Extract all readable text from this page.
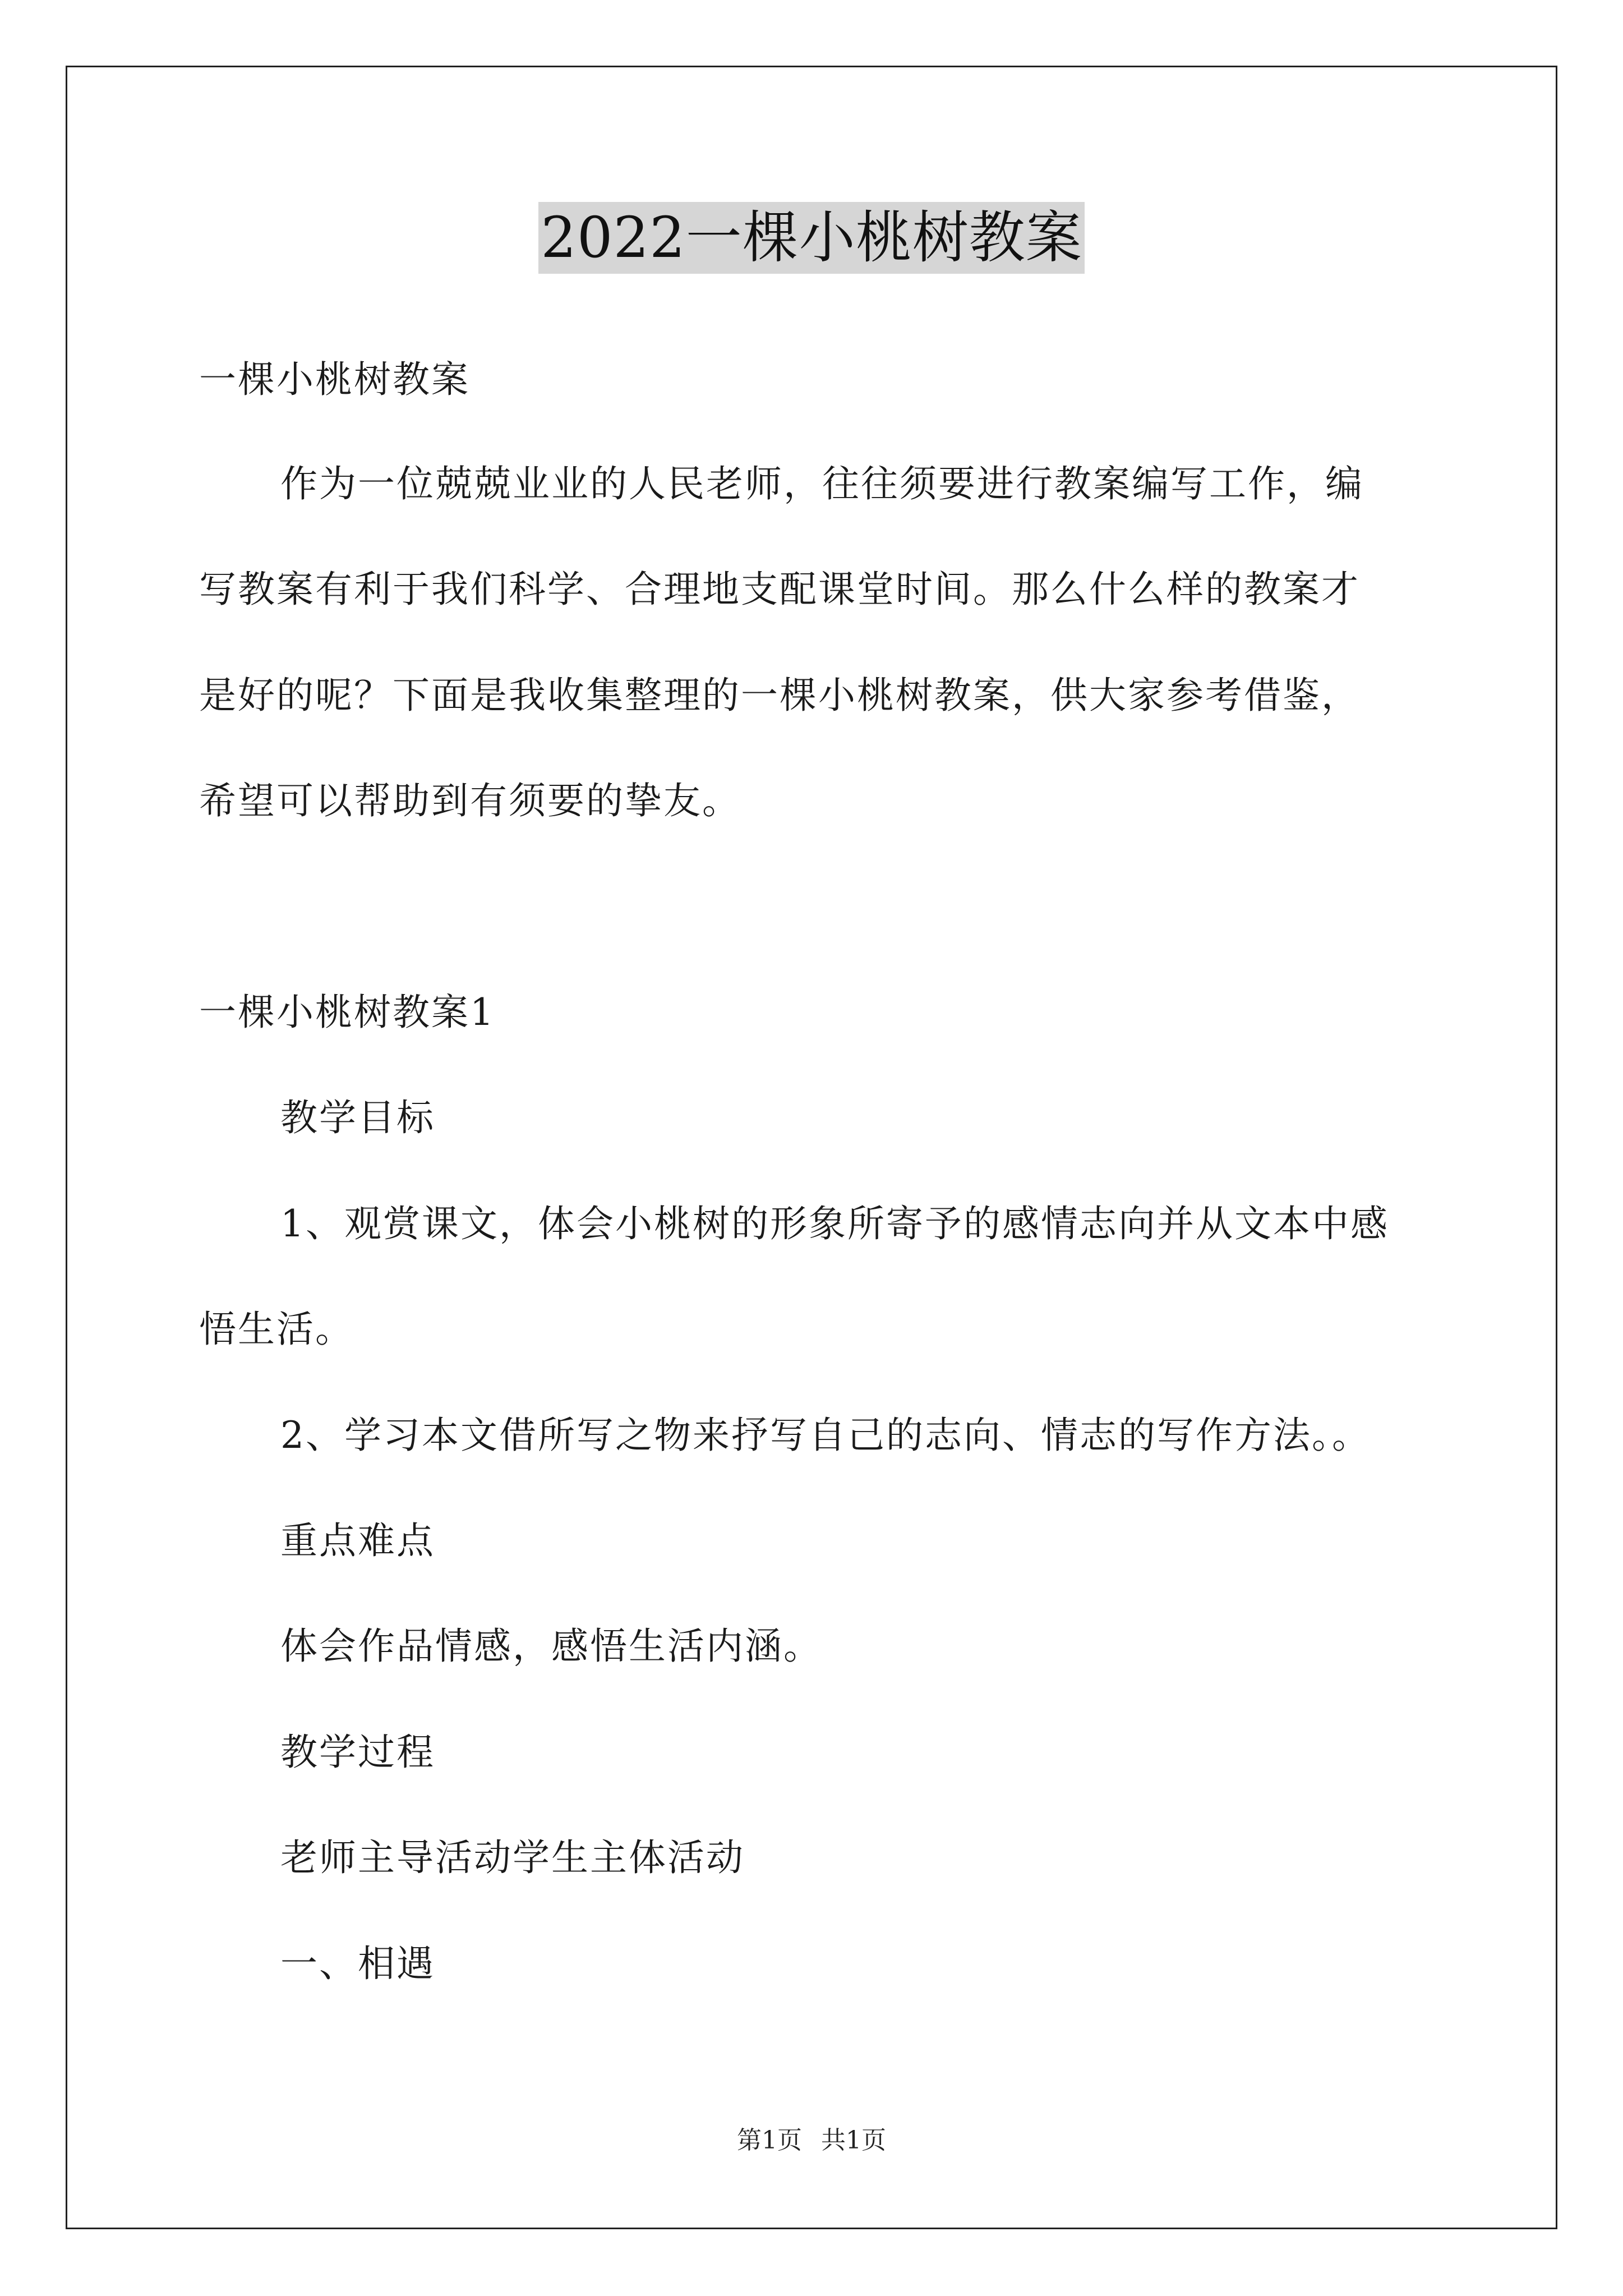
2022一棵小桃树教案
一棵小桃树教案
作为一位兢兢业业的人民老师，往往须要进行教案编写工作，编
写教案有利于我们科学、合理地支配课堂时间。那么什么样的教案才
是好的呢？下面是我收集整理的一棵小桃树教案，供大家参考借鉴，
希望可以帮助到有须要的挚友。
一棵小桃树教案1
教学目标
1、观赏课文，体会小桃树的形象所寄予的感情志向并从文本中感
悟生活。
2、学习本文借所写之物来抒写自己的志向、情志的写作方法。。
重点难点
体会作品情感，感悟生活内涵。
教学过程
老师主导活动学生主体活动
一、相遇
第1页 共1页
